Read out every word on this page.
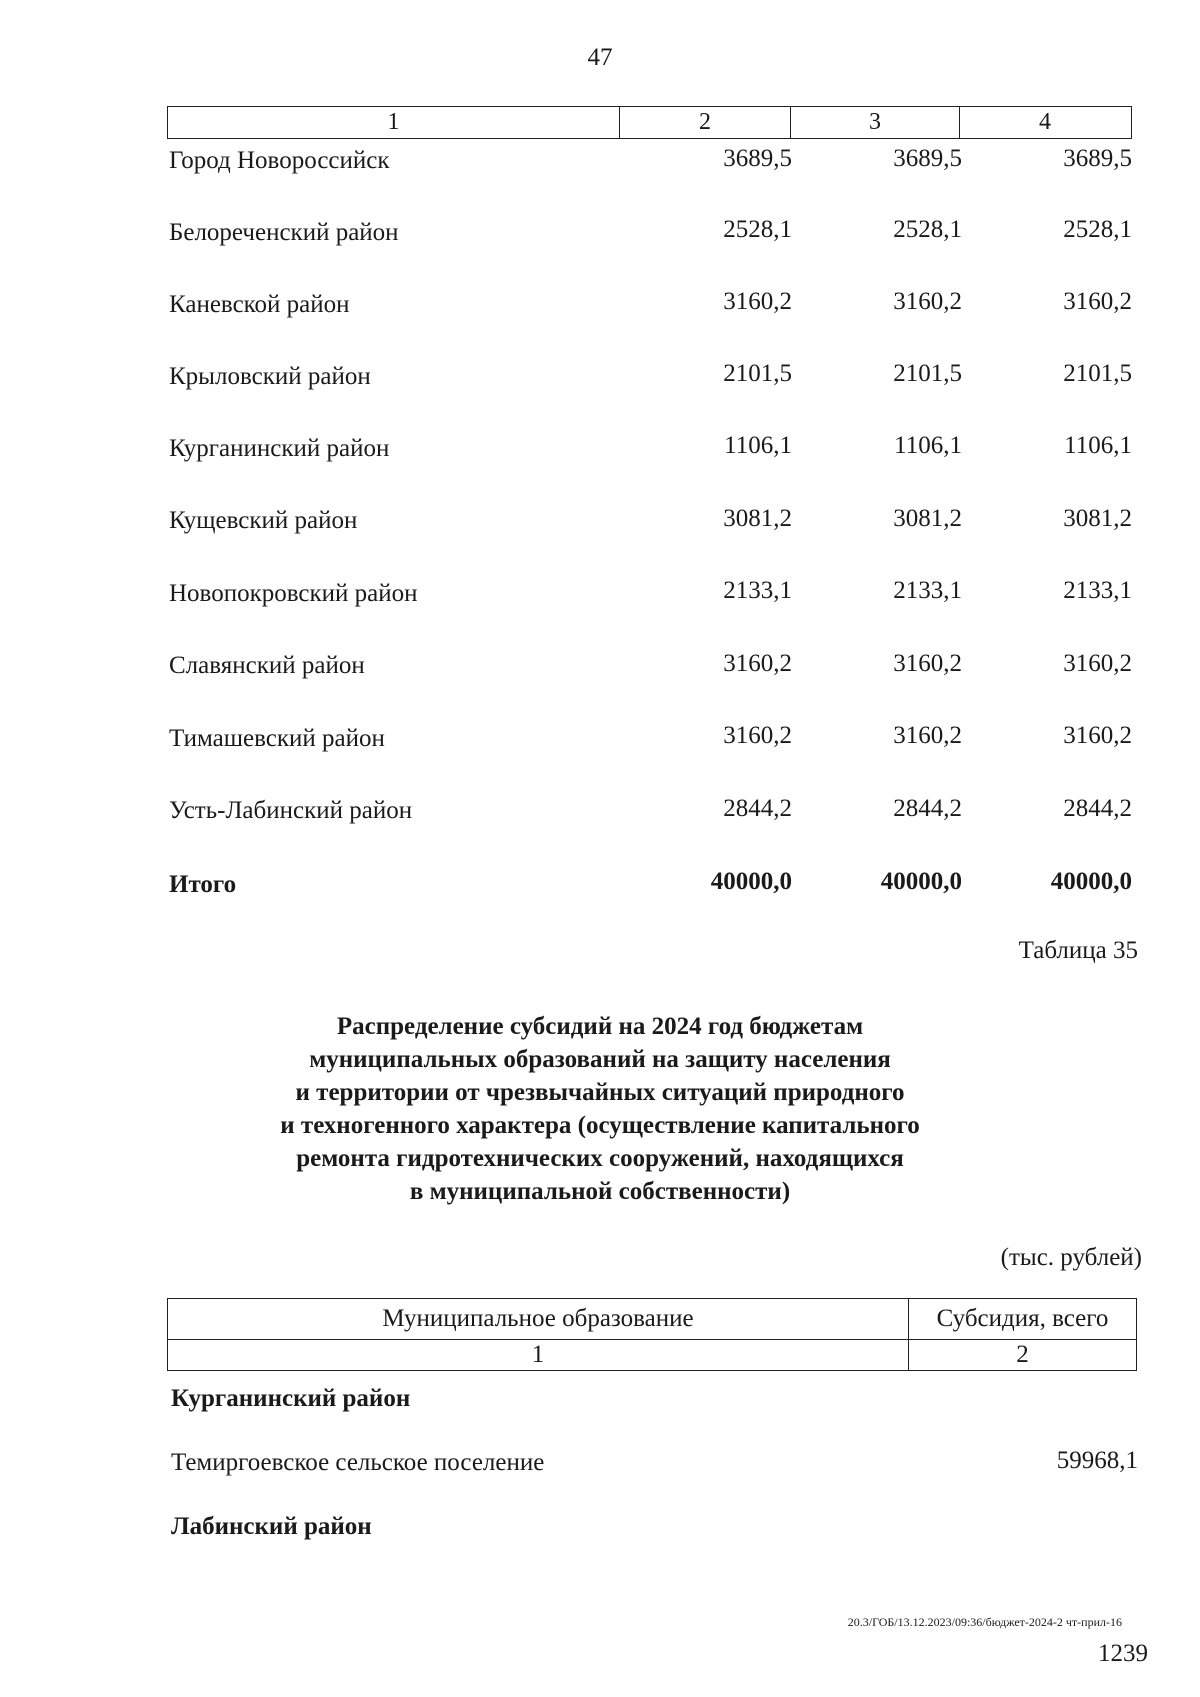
47
1	2	3	4
Город Новороссийск	3689,5	3689,5	3689,5
Белореченский район	2528,1	2528,1	2528,1
Каневской район	3160,2	3160,2	3160,2
Крыловский район	2101,5	2101,5	2101,5
Курганинский район	1106,1	1106,1	1106,1
Кущевский район	3081,2	3081,2	3081,2
Новопокровский район	2133,1	2133,1	2133,1
Славянский район	3160,2	3160,2	3160,2
Тимашевский район	3160,2	3160,2	3160,2
Усть-Лабинский район	2844,2	2844,2	2844,2
Итого	40000,0	40000,0	40000,0
Таблица 35
Распределение субсидий на 2024 год бюджетам
муниципальных образований на защиту населения
и территории от чрезвычайных ситуаций природного
и техногенного характера (осуществление капитального
ремонта гидротехнических сооружений, находящихся
в муниципальной собственности)
(тыс. рублей)
Муниципальное образование	Субсидия, всего
1	2
Курганинский район
Темиргоевское сельское поселение	59968,1
Лабинский район
20.3/ГОБ/13.12.2023/09:36/бюджет-2024-2 чт-прил-16
1239
